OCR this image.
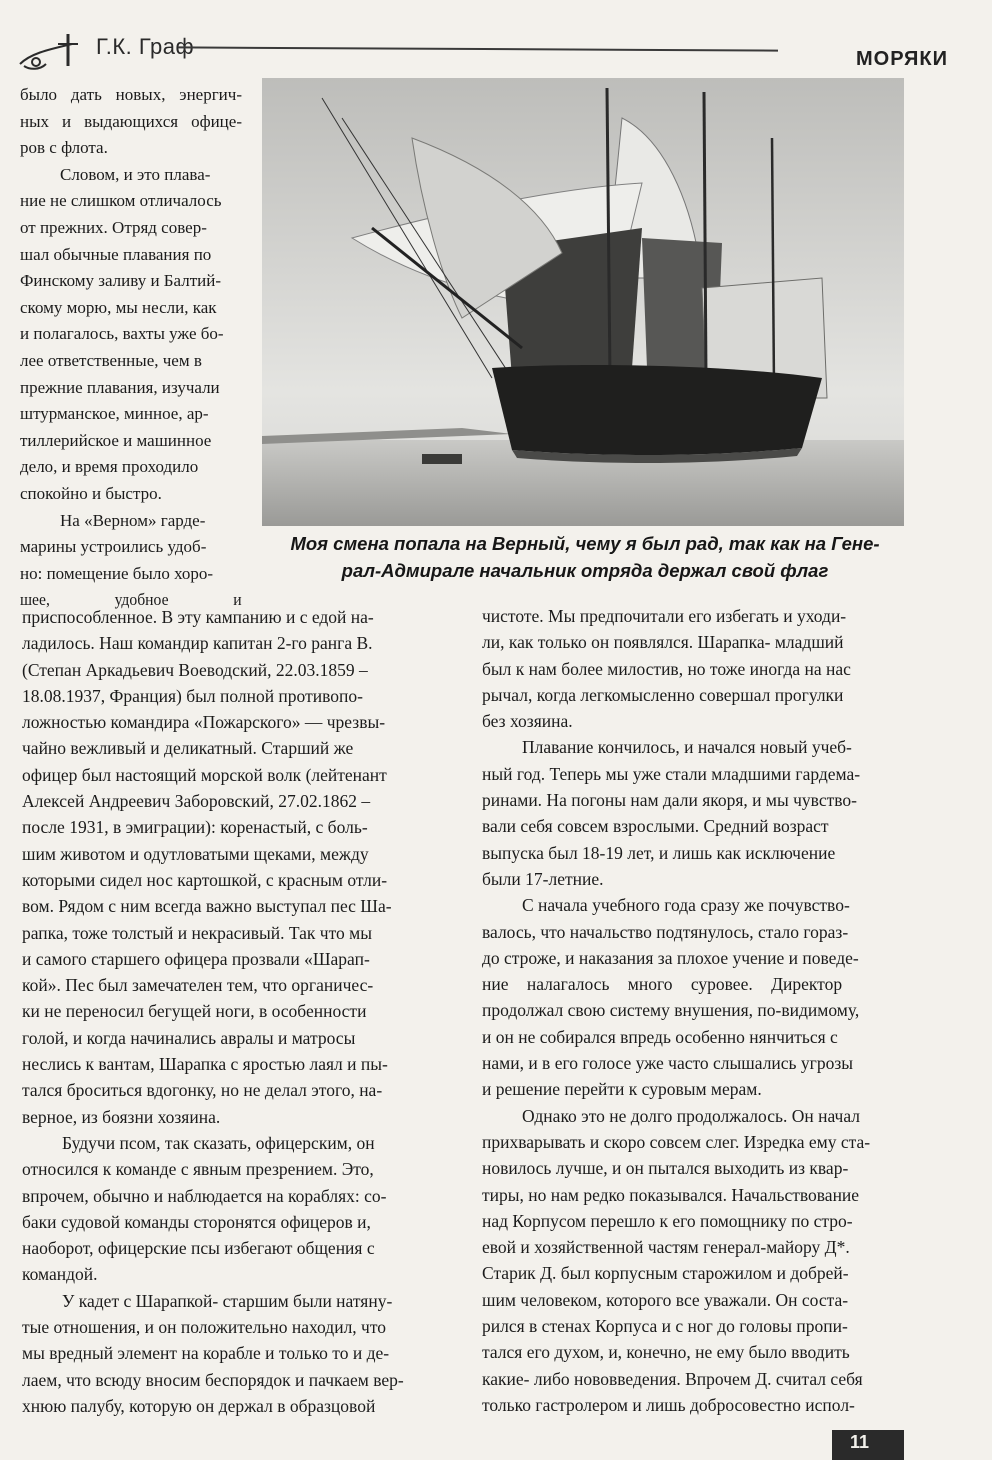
Г.К. Граф	МОРЯКИ
Моя смена попала на Верный, чему я был рад, так как на Гене-
рал-Адмирале начальник отряда держал свой флаг
было дать новых, энергич-
ных и выдающихся офице-
ров с флота.
Словом, и это плава-
ние не слишком отличалось
от прежних. Отряд совер-
шал обычные плавания по
Финскому заливу и Балтий-
скому морю, мы несли, как
и полагалось, вахты уже бо-
лее ответственные, чем в
прежние плавания, изучали
штурманское, минное, ар-
тиллерийское и машинное
дело, и время проходило
спокойно и быстро.
На «Верном» гарде-
марины устроились удоб-
но: помещение было хоро-
шее, удобное и
приспособленное. В эту кампанию и с едой на-
ладилось. Наш командир капитан 2-го ранга В.
(Степан Аркадьевич Воеводский, 22.03.1859 –
18.08.1937, Франция) был полной противопо-
ложностью командира «Пожарского» — чрезвы-
чайно вежливый и деликатный. Старший же
офицер был настоящий морской волк (лейтенант
Алексей Андреевич Заборовский, 27.02.1862 –
после 1931, в эмиграции): коренастый, с боль-
шим животом и одутловатыми щеками, между
которыми сидел нос картошкой, с красным отли-
вом. Рядом с ним всегда важно выступал пес Ша-
рапка, тоже толстый и некрасивый. Так что мы
и самого старшего офицера прозвали «Шарап-
кой». Пес был замечателен тем, что органичес-
ки не переносил бегущей ноги, в особенности
голой, и когда начинались авралы и матросы
неслись к вантам, Шарапка с яростью лаял и пы-
тался броситься вдогонку, но не делал этого, на-
верное, из боязни хозяина.
Будучи псом, так сказать, офицерским, он
относился к команде с явным презрением. Это,
впрочем, обычно и наблюдается на кораблях: со-
баки судовой команды сторонятся офицеров и,
наоборот, офицерские псы избегают общения с
командой.
У кадет с Шарапкой- старшим были натяну-
тые отношения, и он положительно находил, что
мы вредный элемент на корабле и только то и де-
лаем, что всюду вносим беспорядок и пачкаем вер-
хнюю палубу, которую он держал в образцовой
чистоте. Мы предпочитали его избегать и уходи-
ли, как только он появлялся. Шарапка- младший
был к нам более милостив, но тоже иногда на нас
рычал, когда легкомысленно совершал прогулки
без хозяина.
Плавание кончилось, и начался новый учеб-
ный год. Теперь мы уже стали младшими гардема-
ринами. На погоны нам дали якоря, и мы чувство-
вали себя совсем взрослыми. Средний возраст
выпуска был 18-19 лет, и лишь как исключение
были 17-летние.
С начала учебного года сразу же почувство-
валось, что начальство подтянулось, стало гораз-
до строже, и наказания за плохое учение и поведе-
ние налагалось много суровее. Директор
продолжал свою систему внушения, по-видимому,
и он не собирался впредь особенно нянчиться с
нами, и в его голосе уже часто слышались угрозы
и решение перейти к суровым мерам.
Однако это не долго продолжалось. Он начал
прихварывать и скоро совсем слег. Изредка ему ста-
новилось лучше, и он пытался выходить из квар-
тиры, но нам редко показывался. Начальствование
над Корпусом перешло к его помощнику по стро-
евой и хозяйственной частям генерал-майору Д*.
Старик Д. был корпусным старожилом и добрей-
шим человеком, которого все уважали. Он соста-
рился в стенах Корпуса и с ног до головы пропи-
тался его духом, и, конечно, не ему было вводить
какие- либо нововведения. Впрочем Д. считал себя
только гастролером и лишь добросовестно испол-
11
